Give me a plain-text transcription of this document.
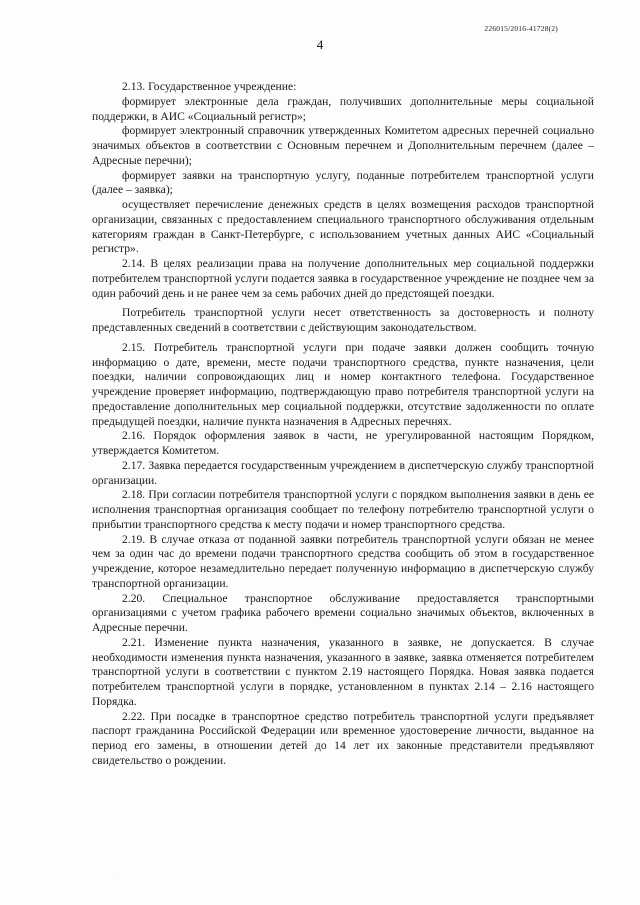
226015/2016-41728(2)
4

2.13. Государственное учреждение:

формирует электронные дела граждан, получивших дополнительные меры социальной поддержки, в АИС «Социальный регистр»;

формирует электронный справочник утвержденных Комитетом адресных перечней социально значимых объектов в соответствии с Основным перечнем и Дополнительным перечнем (далее – Адресные перечни);

формирует заявки на транспортную услугу, поданные потребителем транспортной услуги (далее – заявка);

осуществляет перечисление денежных средств в целях возмещения расходов транспортной организации, связанных с предоставлением специального транспортного обслуживания отдельным категориям граждан в Санкт-Петербурге, с использованием учетных данных АИС «Социальный регистр».

2.14. В целях реализации права на получение дополнительных мер социальной поддержки потребителем транспортной услуги подается заявка в государственное учреждение не позднее чем за один рабочий день и не ранее чем за семь рабочих дней до предстоящей поездки.

Потребитель транспортной услуги несет ответственность за достоверность и полноту представленных сведений в соответствии с действующим законодательством.

2.15. Потребитель транспортной услуги при подаче заявки должен сообщить точную информацию о дате, времени, месте подачи транспортного средства, пункте назначения, цели поездки, наличии сопровождающих лиц и номер контактного телефона. Государственное учреждение проверяет информацию, подтверждающую право потребителя транспортной услуги на предоставление дополнительных мер социальной поддержки, отсутствие задолженности по оплате предыдущей поездки, наличие пункта назначения в Адресных перечнях.

2.16. Порядок оформления заявок в части, не урегулированной настоящим Порядком, утверждается Комитетом.

2.17. Заявка передается государственным учреждением в диспетчерскую службу транспортной организации.

2.18. При согласии потребителя транспортной услуги с порядком выполнения заявки в день ее исполнения транспортная организация сообщает по телефону потребителю транспортной услуги о прибытии транспортного средства к месту подачи и номер транспортного средства.

2.19. В случае отказа от поданной заявки потребитель транспортной услуги обязан не менее чем за один час до времени подачи транспортного средства сообщить об этом в государственное учреждение, которое незамедлительно передает полученную информацию в диспетчерскую службу транспортной организации.

2.20. Специальное транспортное обслуживание предоставляется транспортными организациями с учетом графика рабочего времени социально значимых объектов, включенных в Адресные перечни.

2.21. Изменение пункта назначения, указанного в заявке, не допускается. В случае необходимости изменения пункта назначения, указанного в заявке, заявка отменяется потребителем транспортной услуги в соответствии с пунктом 2.19 настоящего Порядка. Новая заявка подается потребителем транспортной услуги в порядке, установленном в пунктах 2.14 – 2.16 настоящего Порядка.

2.22. При посадке в транспортное средство потребитель транспортной услуги предъявляет паспорт гражданина Российской Федерации или временное удостоверение личности, выданное на период его замены, в отношении детей до 14 лет их законные представители предъявляют свидетельство о рождении.

.
